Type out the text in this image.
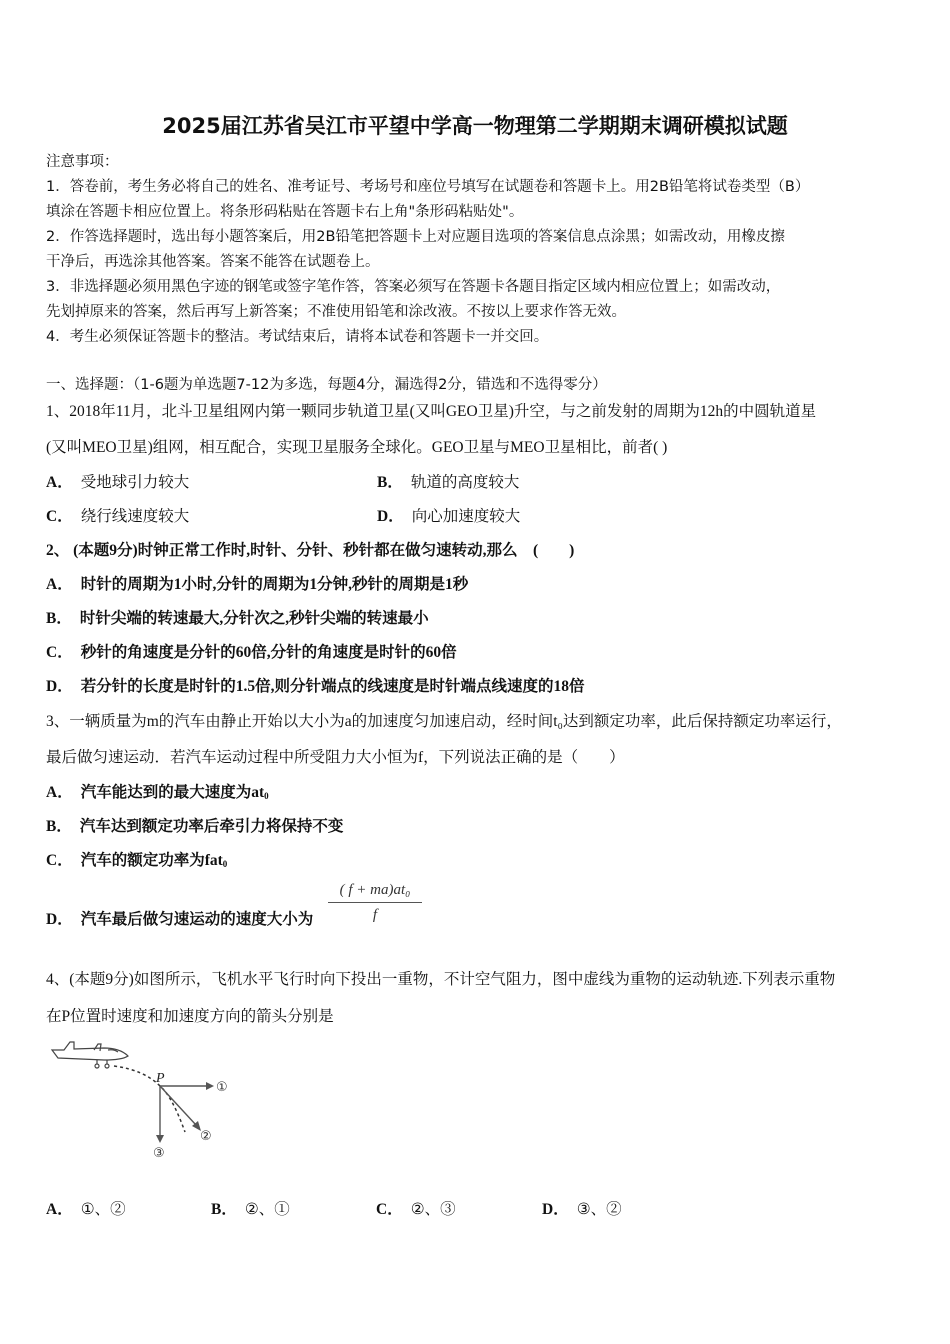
2025届江苏省吴江市平望中学高一物理第二学期期末调研模拟试题
注意事项：
1．答卷前，考生务必将自己的姓名、准考证号、考场号和座位号填写在试题卷和答题卡上。用2B铅笔将试卷类型（B）
填涂在答题卡相应位置上。将条形码粘贴在答题卡右上角"条形码粘贴处"。
2．作答选择题时，选出每小题答案后，用2B铅笔把答题卡上对应题目选项的答案信息点涂黑；如需改动，用橡皮擦
干净后，再选涂其他答案。答案不能答在试题卷上。
3．非选择题必须用黑色字迹的钢笔或签字笔作答，答案必须写在答题卡各题目指定区域内相应位置上；如需改动，
先划掉原来的答案，然后再写上新答案；不准使用铅笔和涂改液。不按以上要求作答无效。
4．考生必须保证答题卡的整洁。考试结束后，请将本试卷和答题卡一并交回。
一、选择题：（1-6题为单选题7-12为多选，每题4分，漏选得2分，错选和不选得零分）
1、2018年11月，北斗卫星组网内第一颗同步轨道卫星(又叫GEO卫星)升空，与之前发射的周期为12h的中圆轨道星
(又叫MEO卫星)组网，相互配合，实现卫星服务全球化。GEO卫星与MEO卫星相比，前者( )
A． 受地球引力较大	B． 轨道的高度较大
C． 绕行线速度较大	D． 向心加速度较大
2、 (本题9分)时钟正常工作时,时针、分针、秒针都在做匀速转动,那么　(　　)
A． 时针的周期为1小时,分针的周期为1分钟,秒针的周期是1秒
B． 时针尖端的转速最大,分针次之,秒针尖端的转速最小
C． 秒针的角速度是分针的60倍,分针的角速度是时针的60倍
D． 若分针的长度是时针的1.5倍,则分针端点的线速度是时针端点线速度的18倍
3、一辆质量为m的汽车由静止开始以大小为a的加速度匀加速启动，经时间t₀达到额定功率，此后保持额定功率运行，
最后做匀速运动．若汽车运动过程中所受阻力大小恒为f，下列说法正确的是（　　）
A． 汽车能达到的最大速度为$at_0$
B． 汽车达到额定功率后牵引力将保持不变
C． 汽车的额定功率为fat$_0$
D． 汽车最后做匀速运动的速度大小为 $\frac{\text{( f + ma)at₀}}{f}$
4、(本题9分)如图所示，飞机水平飞行时向下投出一重物，不计空气阻力，图中虚线为重物的运动轨迹.下列表示重物
在P位置时速度和加速度方向的箭头分别是
P
①
②
③
A． ①、②	B． ②、①	C． ②、③	D． ③、②
